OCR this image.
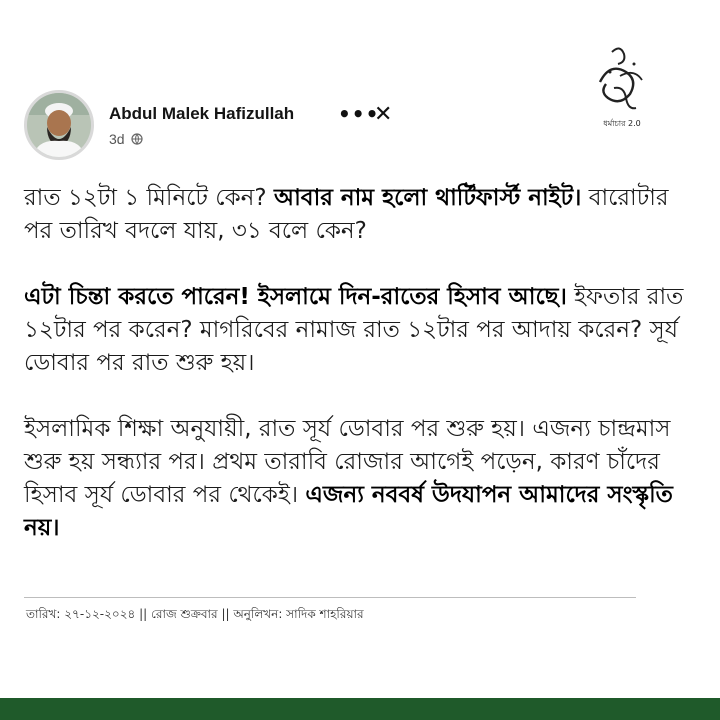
Abdul Malek Hafizullah
3d
•••
✕	ধর্মাচার 2.0

রাত ১২টা ১ মিনিটে কেন? আবার নাম হলো থার্টিফার্স্ট নাইট। বারোটার পর তারিখ বদলে যায়, ৩১ বলে কেন?

এটা চিন্তা করতে পারেন! ইসলামে দিন-রাতের হিসাব আছে। ইফতার রাত ১২টার পর করেন? মাগরিবের নামাজ রাত ১২টার পর আদায় করেন? সূর্য ডোবার পর রাত শুরু হয়।

ইসলামিক শিক্ষা অনুযায়ী, রাত সূর্য ডোবার পর শুরু হয়। এজন্য চান্দ্রমাস শুরু হয় সন্ধ্যার পর। প্রথম তারাবি রোজার আগেই পড়েন, কারণ চাঁদের হিসাব সূর্য ডোবার পর থেকেই। এজন্য নববর্ষ উদযাপন আমাদের সংস্কৃতি নয়।

তারিখ: ২৭-১২-২০২৪ || রোজ শুক্রবার || অনুলিখন: সাদিক শাহরিয়ার
